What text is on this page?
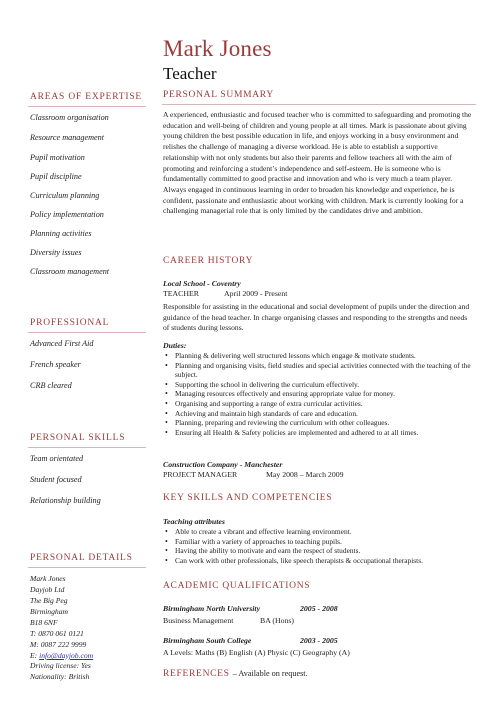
Mark Jones
Teacher
AREAS OF EXPERTISE
Classroom organisation
Resource management
Pupil motivation
Pupil discipline
Curriculum planning
Policy implementation
Planning activities
Diversity issues
Classroom management
PROFESSIONAL
Advanced First Aid
French speaker
CRB cleared
PERSONAL SKILLS
Team orientated
Student focused
Relationship building
PERSONAL DETAILS
Mark Jones
Dayjob Ltd
The Big Peg
Birmingham
B18 6NF
T: 0870 061 0121
M: 0087 222 9999
E: info@dayjob.com
Driving license: Yes
Nationality: British
PERSONAL SUMMARY
A experienced, enthusiastic and focused teacher who is committed to safeguarding and promoting the education and well-being of children and young people at all times. Mark is passionate about giving young children the best possible education in life, and enjoys working in a busy environment and relishes the challenge of managing a diverse workload. He is able to establish a supportive relationship with not only students but also their parents and fellow teachers all with the aim of promoting and reinforcing a student’s independence and self-esteem. He is someone who is fundamentally committed to good practise and innovation and who is very much a team player. Always engaged in continuous learning in order to broaden his knowledge and experience, he is confident, passionate and enthusiastic about working with children. Mark is currently looking for a challenging managerial role that is only limited by the candidates drive and ambition.
CAREER HISTORY
Local School - Coventry
TEACHER	April 2009 - Present
Responsible for assisting in the educational and social development of pupils under the direction and guidance of the head teacher. In charge organising classes and responding to the strengths and needs of students during lessons.
Duties:
• Planning & delivering well structured lessons which engage & motivate students.
• Planning and organising visits, field studies and special activities connected with the teaching of the subject.
• Supporting the school in delivering the curriculum effectively.
• Managing resources effectively and ensuring appropriate value for money.
• Organising and supporting a range of extra curricular activities.
• Achieving and maintain high standards of care and education.
• Planning, preparing and reviewing the curriculum with other colleagues.
• Ensuring all Health & Safety policies are implemented and adhered to at all times.
Construction Company - Manchester
PROJECT MANAGER	May 2008 – March 2009
KEY SKILLS AND COMPETENCIES
Teaching attributes
• Able to create a vibrant and effective learning environment.
• Familiar with a variety of approaches to teaching pupils.
• Having the ability to motivate and earn the respect of students.
• Can work with other professionals, like speech therapists & occupational therapists.
ACADEMIC QUALIFICATIONS
Birmingham North University	2005 - 2008
Business Management	BA (Hons)
Birmingham South College	2003 - 2005
A Levels: Maths (B) English (A) Physic (C) Geography (A)
REFERENCES – Available on request.
